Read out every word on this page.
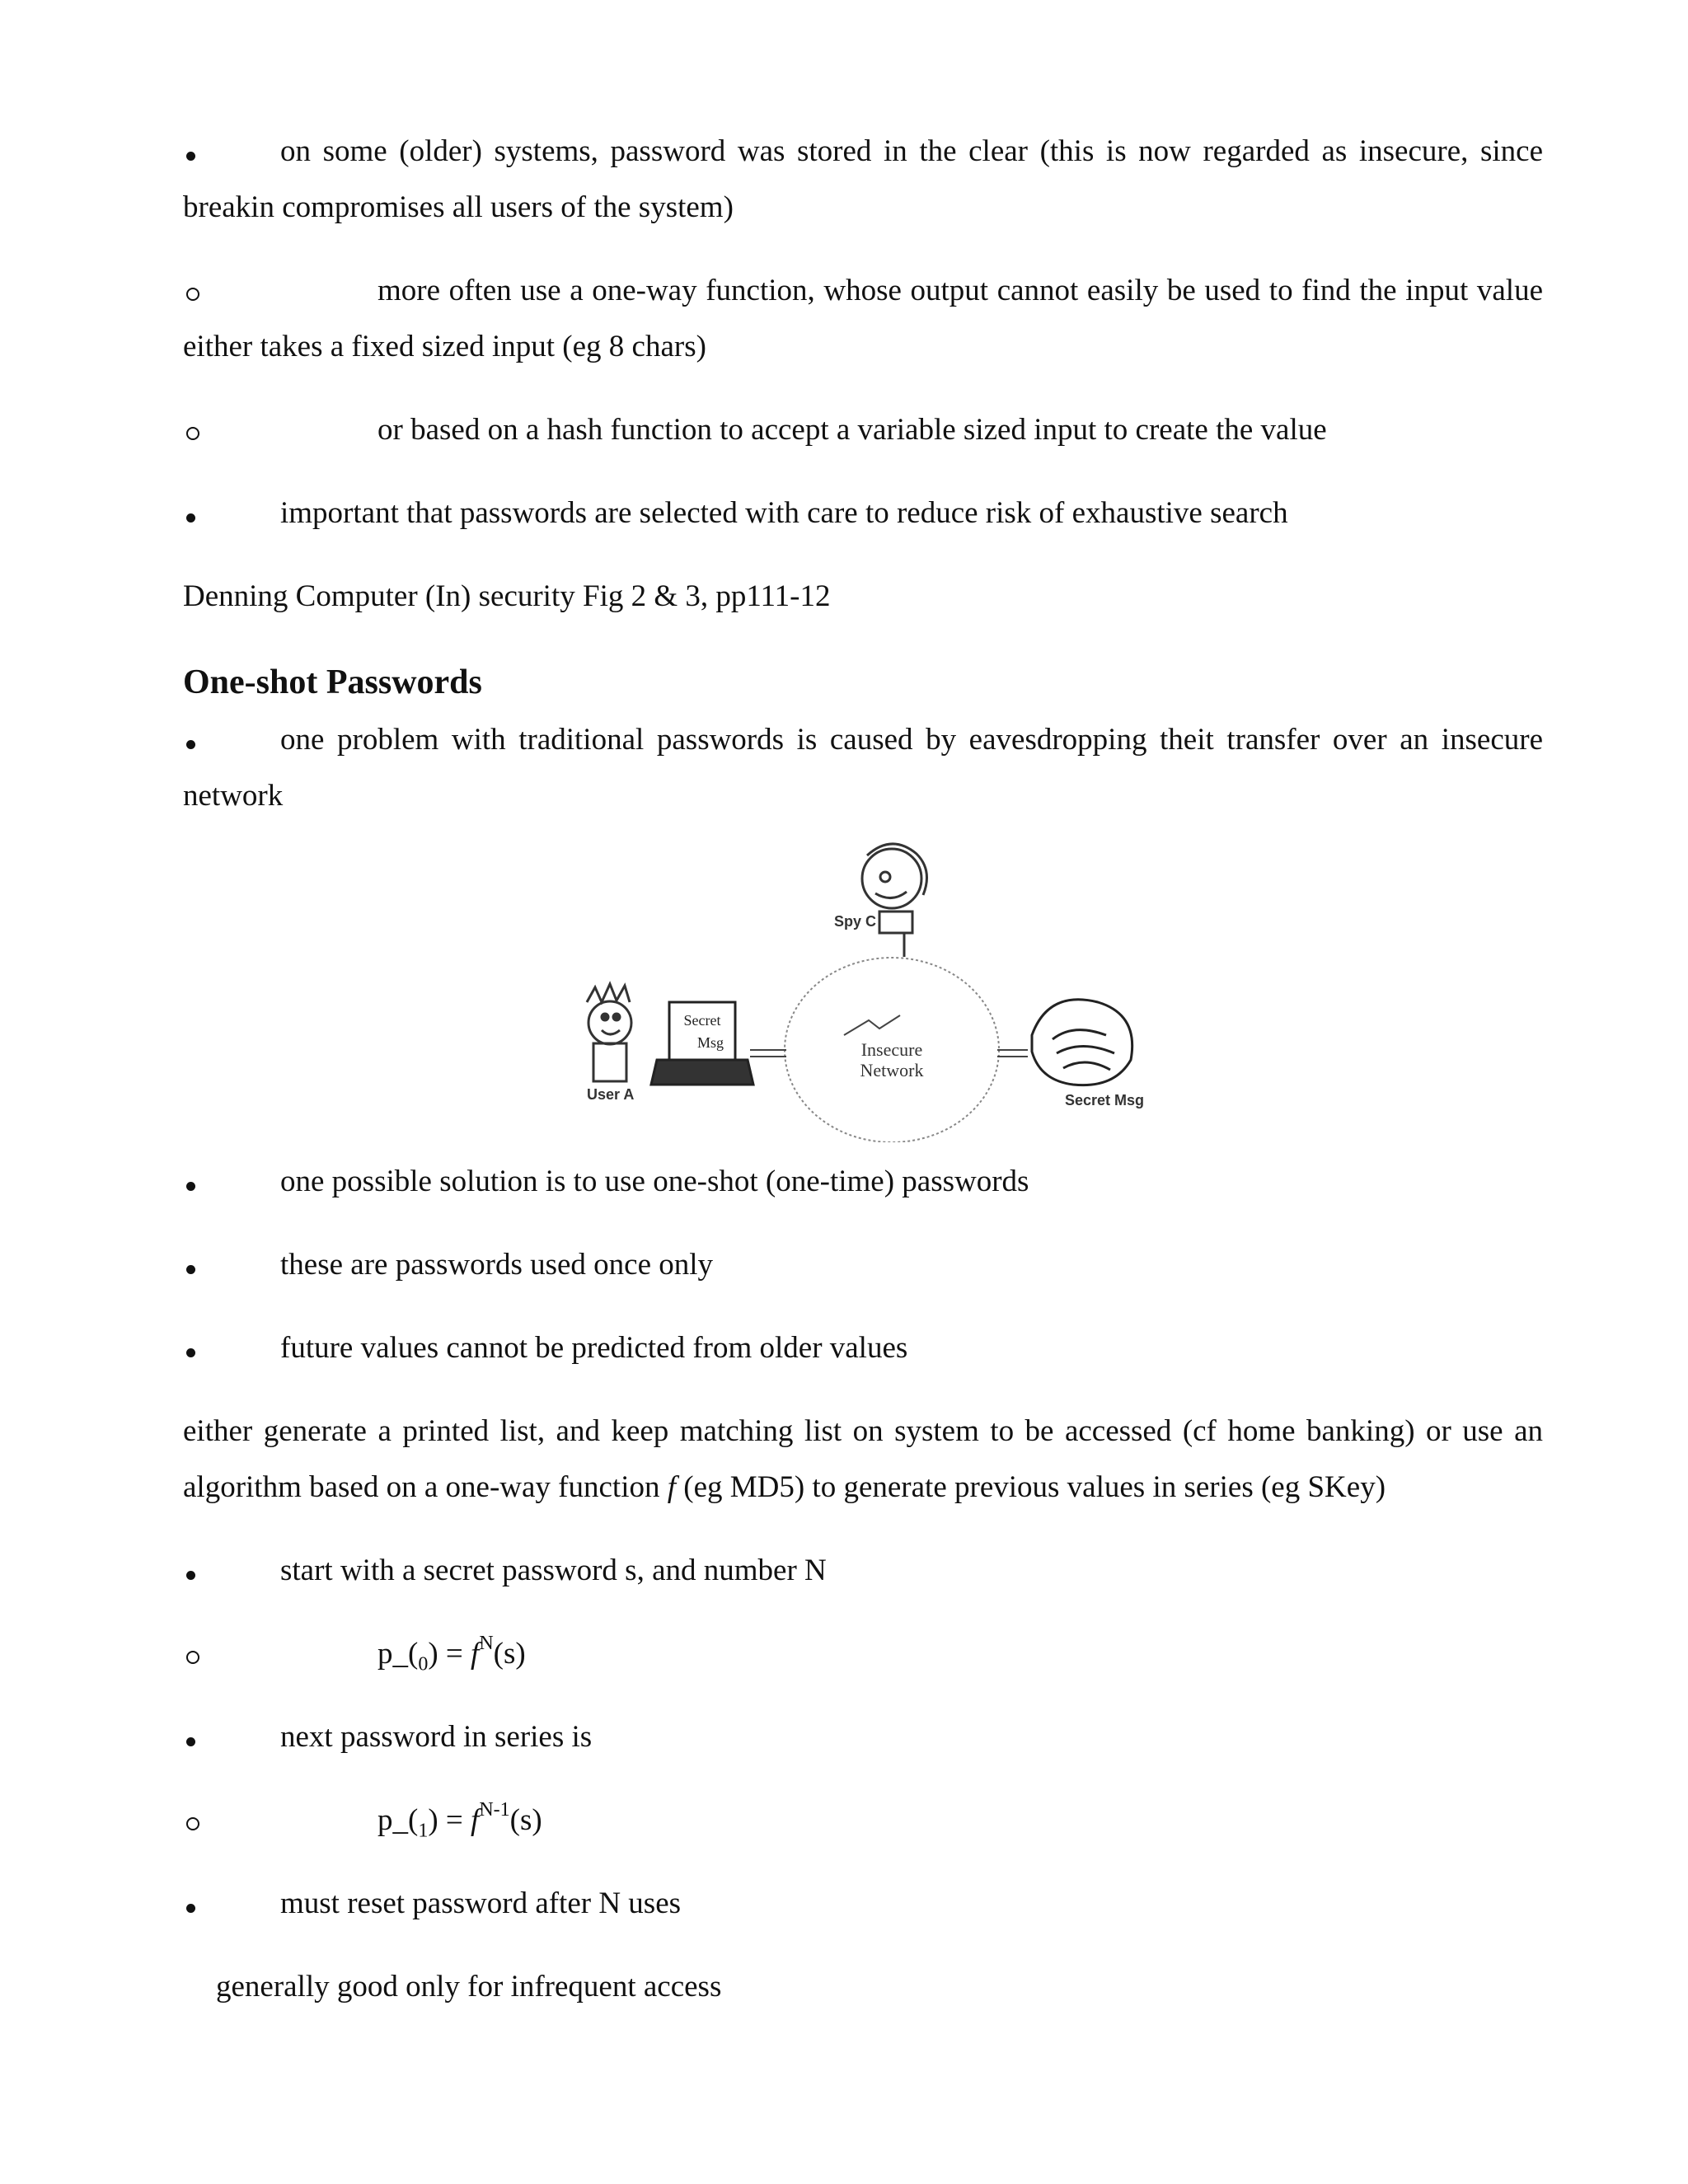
on some (older) systems, password was stored in the clear (this is now regarded as insecure, since breakin compromises all users of the system)

more often use a one-way function, whose output cannot easily be used to find the input value either takes a fixed sized input (eg 8 chars)

or based on a hash function to accept a variable sized input to create the value

important that passwords are selected with care to reduce risk of exhaustive search

Denning Computer (In) security Fig 2 & 3, pp111-12

One-shot Passwords

one problem with traditional passwords is caused by eavesdropping theit transfer over an insecure network

Insecure
Network
Spy C
User A
Secret
Msg
Secret Msg

one possible solution is to use one-shot (one-time) passwords

these are passwords used once only

future values cannot be predicted from older values

either generate a printed list, and keep matching list on system to be accessed (cf home banking) or use an algorithm based on a one-way function f (eg MD5) to generate previous values in series (eg SKey)

start with a secret password s, and number N

$p\_(_0) = f^N(s)$

next password in series is

$p\_(_1) = f^{N-1}(s)$

must reset password after N uses

generally good only for infrequent access
